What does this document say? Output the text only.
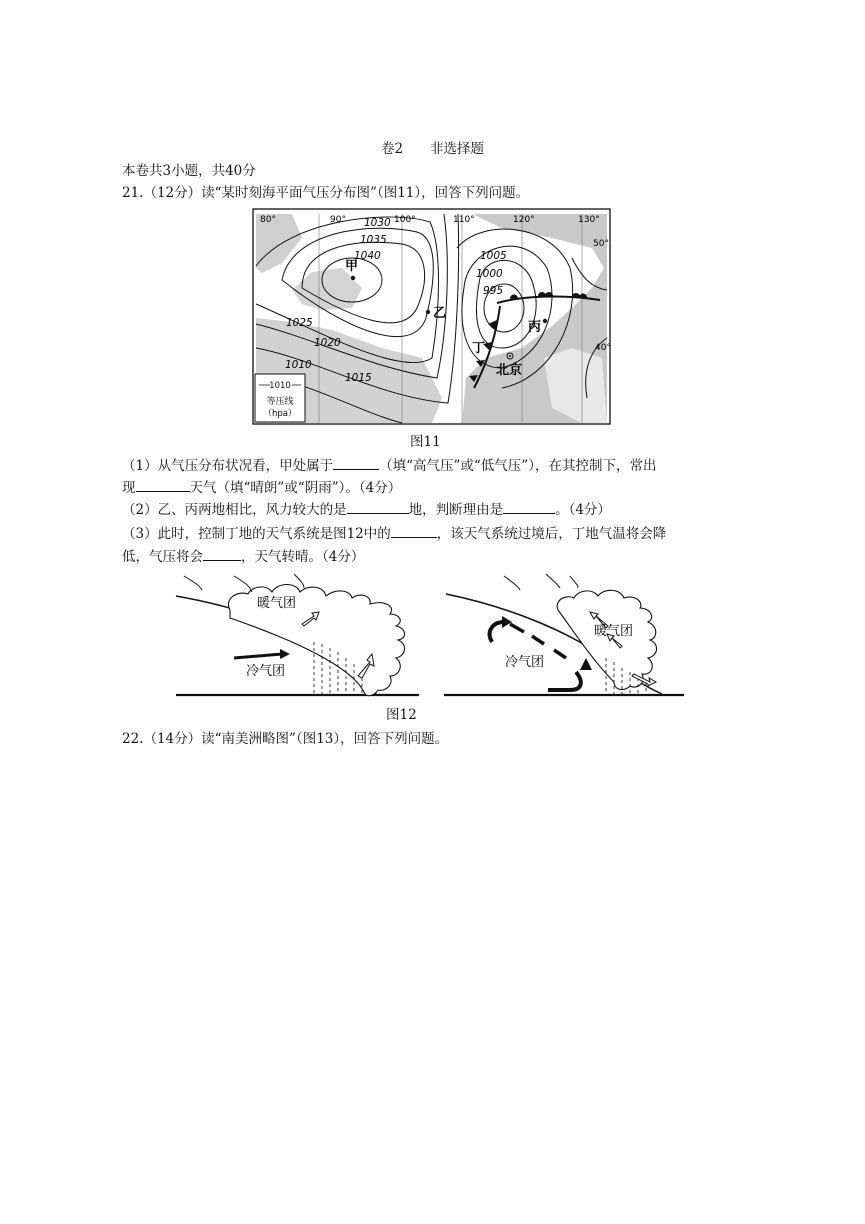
卷2　　非选择题
本卷共3小题，共40分
21.（12分）读“某时刻海平面气压分布图”（图11），回答下列问题。
甲
乙
丙
丁
北京
80°	90°	100°	110°	120°	130°
50°
40°
1030
1035
1040
1025
1020
1010
1015
1005
1000
995
1010
等压线
（hpa）
图11
（1）从气压分布状况看，甲处属于	（填“高气压”或“低气压”），在其控制下，常出
现	天气（填“晴朗”或“阴雨”）。（4分）
（2）乙、丙两地相比，风力较大的是	地，判断理由是	。（4分）
（3）此时，控制丁地的天气系统是图12中的	，该天气系统过境后，丁地气温将会降
低，气压将会	，天气转晴。（4分）
暖气团
冷气团
暖气团
冷气团
图12
22.（14分）读“南美洲略图”（图13），回答下列问题。
